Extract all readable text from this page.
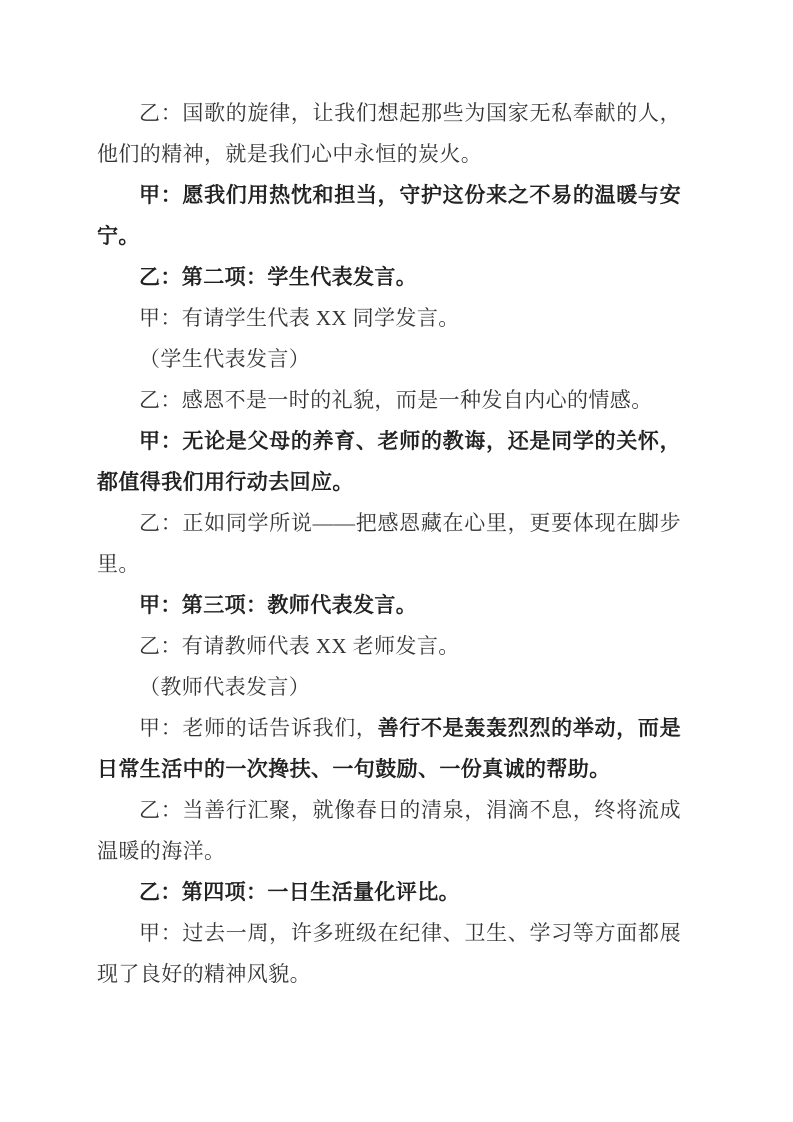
乙：国歌的旋律，让我们想起那些为国家无私奉献的人，他们的精神，就是我们心中永恒的炭火。

甲：愿我们用热忱和担当，守护这份来之不易的温暖与安宁。

乙：第二项：学生代表发言。

甲：有请学生代表 XX 同学发言。

（学生代表发言）

乙：感恩不是一时的礼貌，而是一种发自内心的情感。

甲：无论是父母的养育、老师的教诲，还是同学的关怀，都值得我们用行动去回应。

乙：正如同学所说——把感恩藏在心里，更要体现在脚步里。

甲：第三项：教师代表发言。

乙：有请教师代表 XX 老师发言。

（教师代表发言）

甲：老师的话告诉我们，善行不是轰轰烈烈的举动，而是日常生活中的一次搀扶、一句鼓励、一份真诚的帮助。

乙：当善行汇聚，就像春日的清泉，涓滴不息，终将流成温暖的海洋。

乙：第四项：一日生活量化评比。

甲：过去一周，许多班级在纪律、卫生、学习等方面都展现了良好的精神风貌。
